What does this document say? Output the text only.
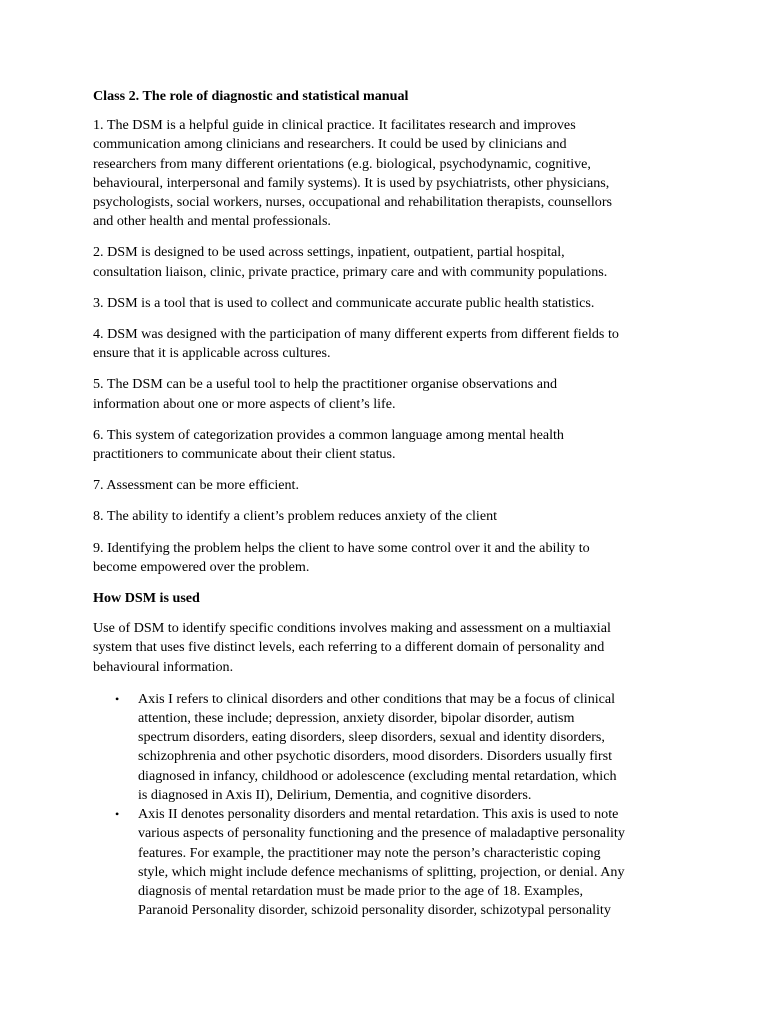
Class 2. The role of diagnostic and statistical manual
1. The DSM is a helpful guide in clinical practice. It facilitates research and improves
communication among clinicians and researchers. It could be used by clinicians and
researchers from many different orientations (e.g. biological, psychodynamic, cognitive,
behavioural, interpersonal and family systems). It is used by psychiatrists, other physicians,
psychologists, social workers, nurses, occupational and rehabilitation therapists, counsellors
and other health and mental professionals.
2. DSM is designed to be used across settings, inpatient, outpatient, partial hospital,
consultation liaison, clinic, private practice, primary care and with community populations.
3. DSM is a tool that is used to collect and communicate accurate public health statistics.
4. DSM was designed with the participation of many different experts from different fields to
ensure that it is applicable across cultures.
5. The DSM can be a useful tool to help the practitioner organise observations and
information about one or more aspects of client’s life.
6. This system of categorization provides a common language among mental health
practitioners to communicate about their client status.
7. Assessment can be more efficient.
8. The ability to identify a client’s problem reduces anxiety of the client
9. Identifying the problem helps the client to have some control over it and the ability to
become empowered over the problem.
How DSM is used
Use of DSM to identify specific conditions involves making and assessment on a multiaxial
system that uses five distinct levels, each referring to a different domain of personality and
behavioural information.
• Axis I refers to clinical disorders and other conditions that may be a focus of clinical
attention, these include; depression, anxiety disorder, bipolar disorder, autism
spectrum disorders, eating disorders, sleep disorders, sexual and identity disorders,
schizophrenia and other psychotic disorders, mood disorders. Disorders usually first
diagnosed in infancy, childhood or adolescence (excluding mental retardation, which
is diagnosed in Axis II), Delirium, Dementia, and cognitive disorders.
• Axis II denotes personality disorders and mental retardation. This axis is used to note
various aspects of personality functioning and the presence of maladaptive personality
features. For example, the practitioner may note the person’s characteristic coping
style, which might include defence mechanisms of splitting, projection, or denial. Any
diagnosis of mental retardation must be made prior to the age of 18. Examples,
Paranoid Personality disorder, schizoid personality disorder, schizotypal personality
